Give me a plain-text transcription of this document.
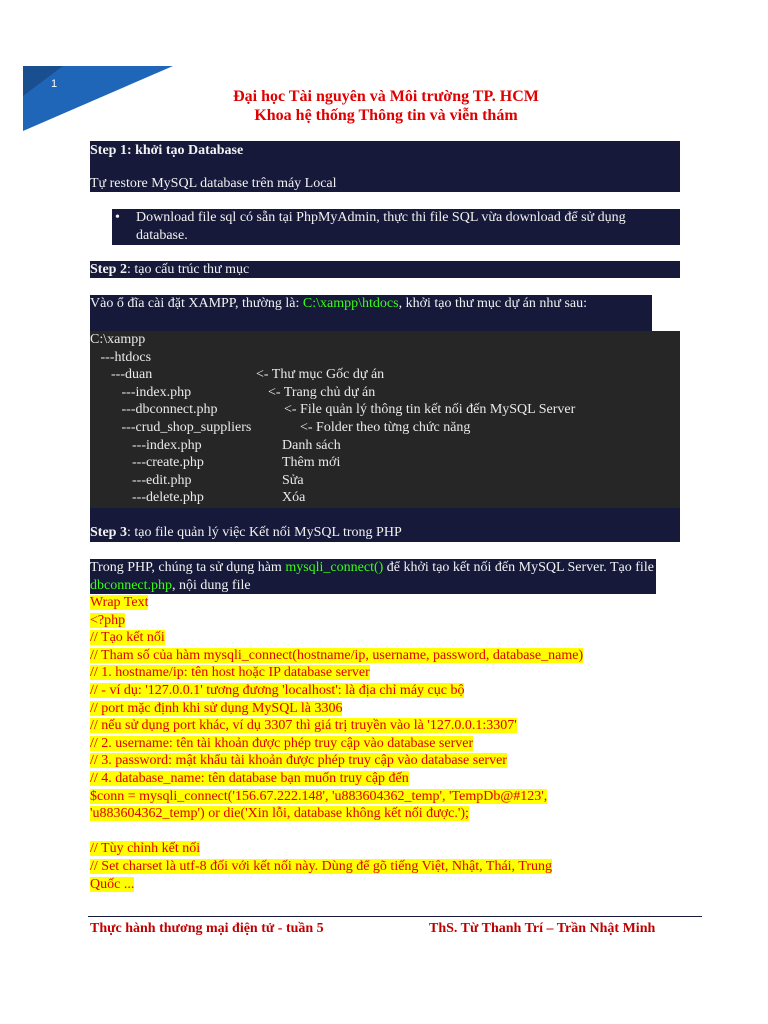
1
Đại học Tài nguyên và Môi trường TP. HCM
Khoa hệ thống Thông tin và viễn thám
Step 1: khởi tạo Database
Tự restore MySQL database trên máy Local
• Download file sql có sẵn tại PhpMyAdmin, thực thi file SQL vừa download để sử dụng database.
Step 2: tạo cấu trúc thư mục
Vào ổ đĩa cài đặt XAMPP, thường là: C:\xampp\htdocs, khởi tạo thư mục dự án như sau:
C:\xampp
---htdocs
---duan	<- Thư mục Gốc dự án
---index.php	<- Trang chủ dự án
---dbconnect.php	<- File quản lý thông tin kết nối đến MySQL Server
---crud_shop_suppliers	<- Folder theo từng chức năng
---index.php	Danh sách
---create.php	Thêm mới
---edit.php	Sửa
---delete.php	Xóa
Step 3: tạo file quản lý việc Kết nối MySQL trong PHP
Trong PHP, chúng ta sử dụng hàm mysqli_connect() để khởi tạo kết nối đến MySQL Server. Tạo file dbconnect.php, nội dung file
Wrap Text
<?php
// Tạo kết nối
// Tham số của hàm mysqli_connect(hostname/ip, username, password, database_name)
// 1. hostname/ip: tên host hoặc IP database server
// - ví dụ: '127.0.0.1' tương đương 'localhost': là địa chỉ máy cục bộ
// port mặc định khi sử dụng MySQL là 3306
// nếu sử dụng port khác, ví dụ 3307 thì giá trị truyền vào là '127.0.0.1:3307'
// 2. username: tên tài khoản được phép truy cập vào database server
// 3. password: mật khẩu tài khoản được phép truy cập vào database server
// 4. database_name: tên database bạn muốn truy cập đến
$conn = mysqli_connect('156.67.222.148', 'u883604362_temp', 'TempDb@#123',
'u883604362_temp') or die('Xin lỗi, database không kết nối được.');
// Tùy chỉnh kết nối
// Set charset là utf-8 đối với kết nối này. Dùng để gõ tiếng Việt, Nhật, Thái, Trung
Quốc ...
Thực hành thương mại điện tử - tuần 5	ThS. Từ Thanh Trí – Trần Nhật Minh
